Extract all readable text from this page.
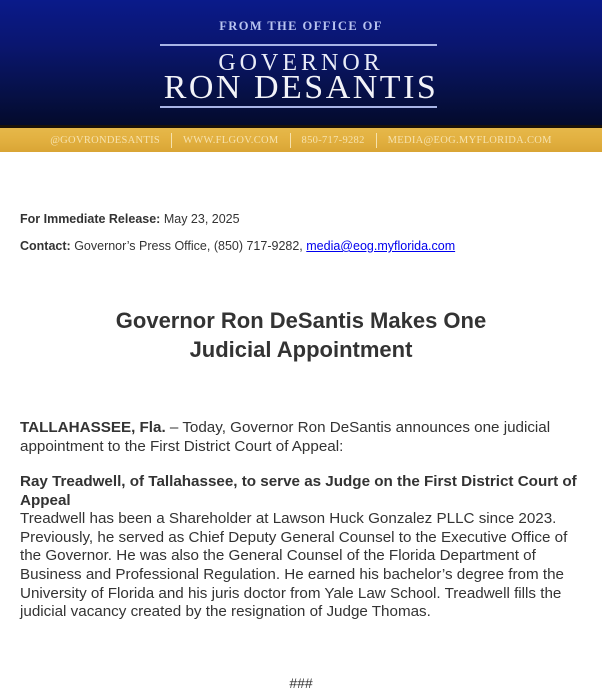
FROM THE OFFICE OF
GOVERNOR
RON DESANTIS
@GOVRONDESANTIS WWW.FLGOV.COM 850-717-9282 MEDIA@EOG.MYFLORIDA.COM
For Immediate Release: May 23, 2025
Contact: Governor’s Press Office, (850) 717-9282, media@eog.myflorida.com
Governor Ron DeSantis Makes One
Judicial Appointment
TALLAHASSEE, Fla. – Today, Governor Ron DeSantis announces one judicial appointment to the First District Court of Appeal:
Ray Treadwell, of Tallahassee, to serve as Judge on the First District Court of Appeal
Treadwell has been a Shareholder at Lawson Huck Gonzalez PLLC since 2023. Previously, he served as Chief Deputy General Counsel to the Executive Office of the Governor. He was also the General Counsel of the Florida Department of Business and Professional Regulation. He earned his bachelor’s degree from the University of Florida and his juris doctor from Yale Law School. Treadwell fills the judicial vacancy created by the resignation of Judge Thomas.
###
